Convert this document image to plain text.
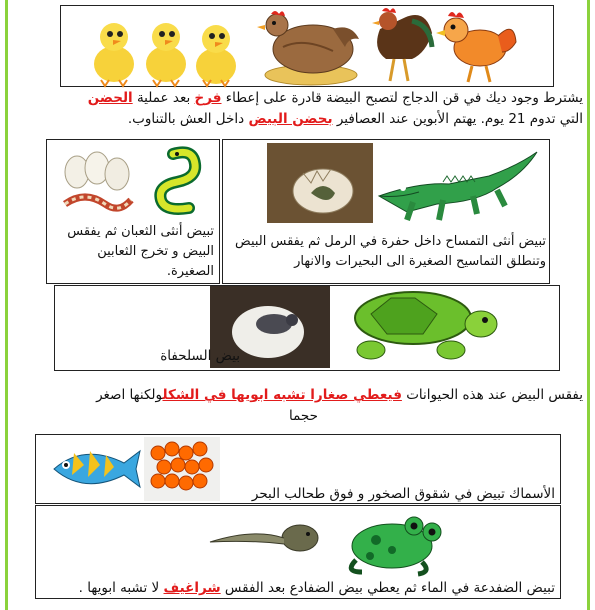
يشترط وجود ديك في قن الدجاج لتصبح البيضة قادرة على إعطاء فرخ بعد عملية الحضن
التي تدوم 21 يوم. يهتم الأبوين عند العصافير بحضن البيض داخل العش بالتناوب.
تبيض أنثى الثعبان ثم يفقس البيض و تخرج الثعابين الصغيرة.
تبيض أنثى التمساح داخل حفرة في الرمل ثم يفقس البيض وتنطلق التماسيح الصغيرة الى البحيرات والانهار
بيض السلحفاة
يفقس البيض عند هذه الحيوانات فيعطي صغارا تشبه ابويها في الشكلولكنها اصغر
حجما
الأسماك تبيض في شقوق الصخور و فوق طحالب البحر
تبيض الضفدعة في الماء ثم يعطي بيض الضفادع بعد الفقس شراغيف لا تشبه ابويها .
